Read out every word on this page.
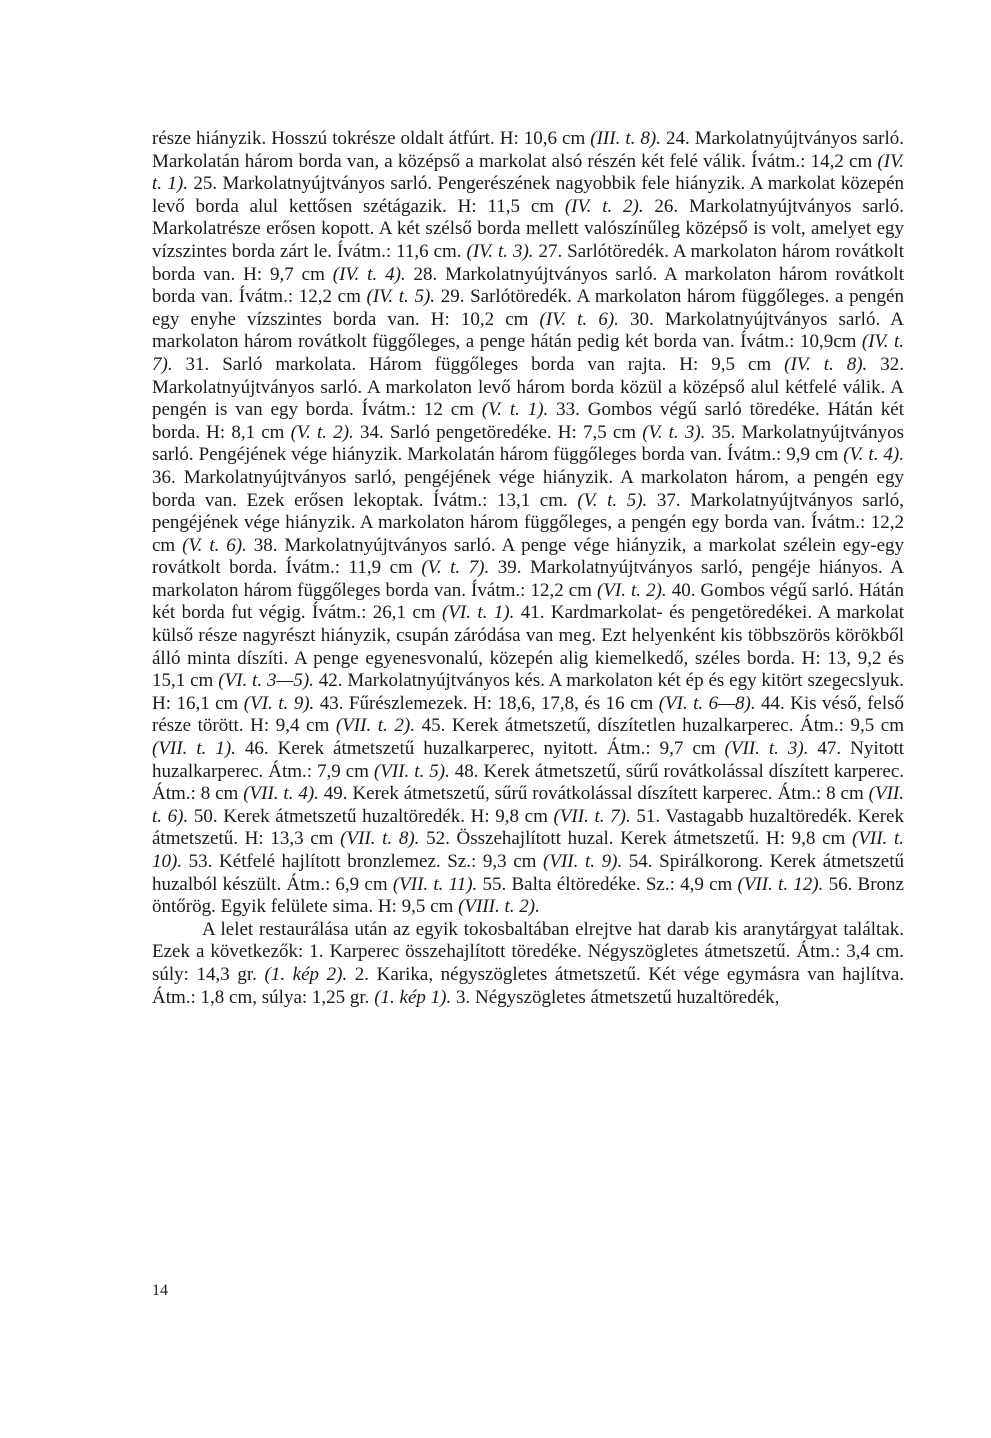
része hiányzik. Hosszú tokrésze oldalt átfúrt. H: 10,6 cm (III. t. 8). 24. Markolatnyújtványos sarló. Markolatán három borda van, a középső a markolat alsó részén két felé válik. Ívátm.: 14,2 cm (IV. t. 1). 25. Markolatnyújtványos sarló. Pengerészének nagyobbik fele hiányzik. A markolat közepén levő borda alul kettősen szétágazik. H: 11,5 cm (IV. t. 2). 26. Markolatnyújtványos sarló. Markolatrésze erősen kopott. A két szélső borda mellett valószínűleg középső is volt, amelyet egy vízszintes borda zárt le. Ívátm.: 11,6 cm. (IV. t. 3). 27. Sarlótöredék. A markolaton három rovátkolt borda van. H: 9,7 cm (IV. t. 4). 28. Markolatnyújtványos sarló. A markolaton három rovátkolt borda van. Ívátm.: 12,2 cm (IV. t. 5). 29. Sarlótöredék. A markolaton három függőleges. a pengén egy enyhe vízszintes borda van. H: 10,2 cm (IV. t. 6). 30. Markolatnyújtványos sarló. A markolaton három rovátkolt függőleges, a penge hátán pedig két borda van. Ívátm.: 10,9cm (IV. t. 7). 31. Sarló markolata. Három függőleges borda van rajta. H: 9,5 cm (IV. t. 8). 32. Markolatnyújtványos sarló. A markolaton levő három borda közül a középső alul kétfelé válik. A pengén is van egy borda. Ívátm.: 12 cm (V. t. 1). 33. Gombos végű sarló töredéke. Hátán két borda. H: 8,1 cm (V. t. 2). 34. Sarló pengetöredéke. H: 7,5 cm (V. t. 3). 35. Markolatnyújtványos sarló. Pengéjének vége hiányzik. Markolatán három függőleges borda van. Ívátm.: 9,9 cm (V. t. 4). 36. Markolatnyújtványos sarló, pengéjének vége hiányzik. A markolaton három, a pengén egy borda van. Ezek erősen lekoptak. Ívátm.: 13,1 cm. (V. t. 5). 37. Markolatnyújtványos sarló, pengéjének vége hiányzik. A markolaton három függőleges, a pengén egy borda van. Ívátm.: 12,2 cm (V. t. 6). 38. Markolatnyújtványos sarló. A penge vége hiányzik, a markolat szélein egy-egy rovátkolt borda. Ívátm.: 11,9 cm (V. t. 7). 39. Markolatnyújtványos sarló, pengéje hiányos. A markolaton három függőleges borda van. Ívátm.: 12,2 cm (VI. t. 2). 40. Gombos végű sarló. Hátán két borda fut végig. Ívátm.: 26,1 cm (VI. t. 1). 41. Kardmarkolat- és pengetöredékei. A markolat külső része nagyrészt hiányzik, csupán záródása van meg. Ezt helyenként kis többszörös körökből álló minta díszíti. A penge egyenesvonalú, közepén alig kiemelkedő, széles borda. H: 13, 9,2 és 15,1 cm (VI. t. 3—5). 42. Markolatnyújtványos kés. A markolaton két ép és egy kitört szegecslyuk. H: 16,1 cm (VI. t. 9). 43. Fűrészlemezek. H: 18,6, 17,8, és 16 cm (VI. t. 6—8). 44. Kis véső, felső része törött. H: 9,4 cm (VII. t. 2). 45. Kerek átmetszetű, díszítetlen huzalkarperec. Átm.: 9,5 cm (VII. t. 1). 46. Kerek átmetszetű huzalkarperec, nyitott. Átm.: 9,7 cm (VII. t. 3). 47. Nyitott huzalkarperec. Átm.: 7,9 cm (VII. t. 5). 48. Kerek átmetszetű, sűrű rovátkolással díszített karperec. Átm.: 8 cm (VII. t. 4). 49. Kerek átmetszetű, sűrű rovátkolással díszített karperec. Átm.: 8 cm (VII. t. 6). 50. Kerek átmetszetű huzaltöredék. H: 9,8 cm (VII. t. 7). 51. Vastagabb huzaltöredék. Kerek átmetszetű. H: 13,3 cm (VII. t. 8). 52. Összehajlított huzal. Kerek átmetszetű. H: 9,8 cm (VII. t. 10). 53. Kétfelé hajlított bronzlemez. Sz.: 9,3 cm (VII. t. 9). 54. Spirálkorong. Kerek átmetszetű huzalból készült. Átm.: 6,9 cm (VII. t. 11). 55. Balta éltöredéke. Sz.: 4,9 cm (VII. t. 12). 56. Bronz öntőrög. Egyik felülete sima. H: 9,5 cm (VIII. t. 2).

A lelet restaurálása után az egyik tokosbaltában elrejtve hat darab kis aranytárgyat találtak. Ezek a következők: 1. Karperec összehajlított töredéke. Négyszögletes átmetszetű. Átm.: 3,4 cm. súly: 14,3 gr. (1. kép 2). 2. Karika, négyszögletes átmetszetű. Két vége egymásra van hajlítva. Átm.: 1,8 cm, súlya: 1,25 gr. (1. kép 1). 3. Négyszögletes átmetszetű huzaltöredék,

14
